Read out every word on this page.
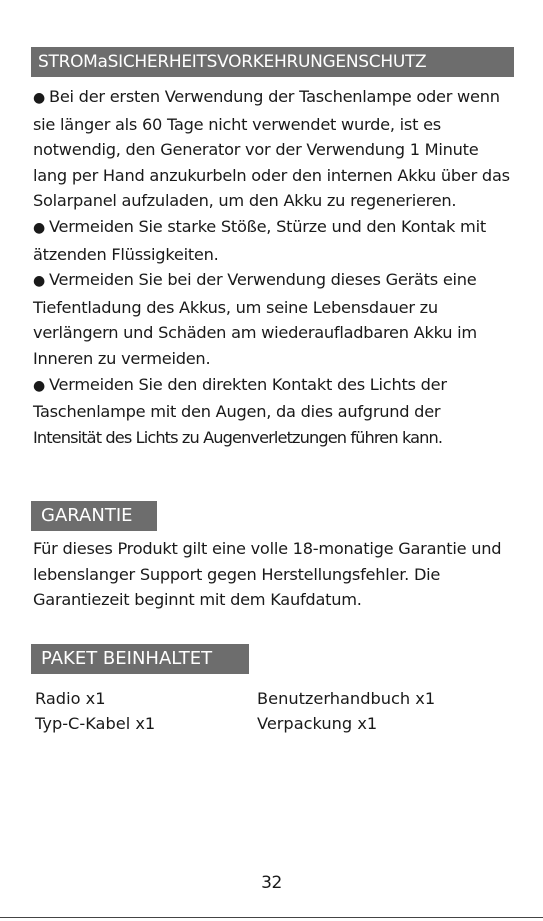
STROMaSICHERHEITSVORKEHRUNGENSCHUTZ

● Bei der ersten Verwendung der Taschenlampe oder wenn sie länger als 60 Tage nicht verwendet wurde, ist es notwendig, den Generator vor der Verwendung 1 Minute lang per Hand anzukurbeln oder den internen Akku über das Solarpanel aufzuladen, um den Akku zu regenerieren.

● Vermeiden Sie starke Stöße, Stürze und den Kontak mit ätzenden Flüssigkeiten.

● Vermeiden Sie bei der Verwendung dieses Geräts eine Tiefentladung des Akkus, um seine Lebensdauer zu verlängern und Schäden am wiederaufladbaren Akku im Inneren zu vermeiden.

● Vermeiden Sie den direkten Kontakt des Lichts der Taschenlampe mit den Augen, da dies aufgrund der
Intensität des Lichts zu Augenverletzungen führen kann.

GARANTIE
Für dieses Produkt gilt eine volle 18-monatige Garantie und lebenslanger Support gegen Herstellungsfehler. Die Garantiezeit beginnt mit dem Kaufdatum.
PAKET BEINHALTET
Radio x1	Benutzerhandbuch x1
Typ-C-Kabel x1	Verpackung x1
32
